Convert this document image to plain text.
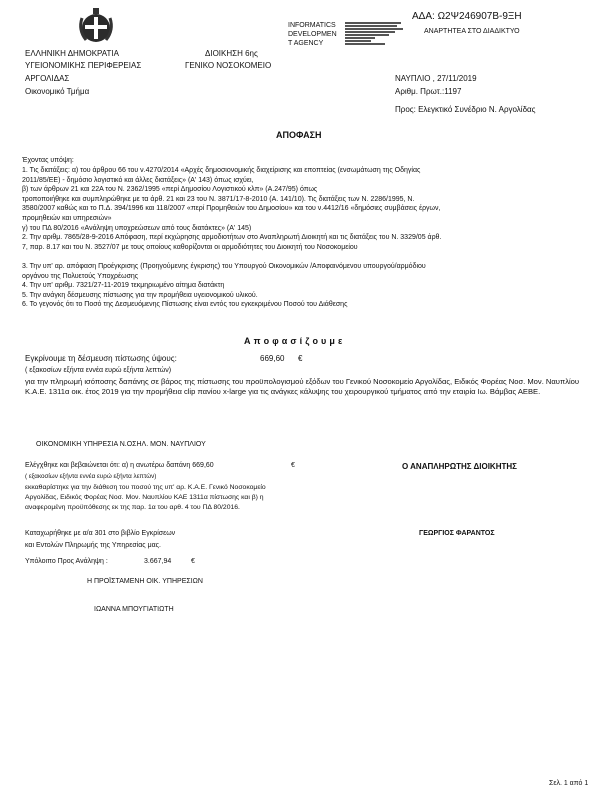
ΑΔΑ: Ω2Ψ246907Β-9ΞΗ
ΑΝΑΡΤΗΤΕΑ ΣΤΟ ΔΙΑΔΙΚΤΥΟ
INFORMATICS
DEVELOPMEN
T AGENCY
ΕΛΛΗΝΙΚΗ ΔΗΜΟΚΡΑΤΙΑ	ΔΙΟΙΚΗΣΗ 6ης
ΥΓΕΙΟΝΟΜΙΚΗΣ ΠΕΡΙΦΕΡΕΙΑΣ	ΓΕΝΙΚΟ ΝΟΣΟΚΟΜΕΙΟ
ΑΡΓΟΛΙΔΑΣ	ΝΑΥΠΛΙΟ , 27/11/2019
Οικονομικό Τμήμα	Αριθμ. Πρωτ.:1197
Προς: Ελεγκτικό Συνέδριο Ν. Αργολίδας
ΑΠΟΦΑΣΗ
Έχοντας υπόψη:
1. Τις διατάξεις: α) του άρθρου 66 του ν.4270/2014 «Αρχές δημοσιονομικής διαχείρισης και εποπτείας (ενσωμάτωση της Οδηγίας
2011/85/ΕΕ) - δημόσιο λογιστικό και άλλες διατάξεις» (Α' 143) όπως ισχύει,
β) των άρθρων 21 και 22Α του Ν. 2362/1995 «περί Δημοσίου Λογιστικού κλπ» (Α.247/95) όπως
τροποποιήθηκε και συμπληρώθηκε με τα άρθ. 21 και 23 του Ν. 3871/17-8-2010 (Α. 141/10). Τις διατάξεις των Ν. 2286/1995, Ν.
3580/2007 καθώς και το Π.Δ. 394/1996 και 118/2007 «περί Προμηθειών του Δημοσίου» και του ν.4412/16 «δημόσιες συμβάσεις έργων,
προμηθειών και υπηρεσιών»
γ) του ΠΔ 80/2016 «Ανάληψη υποχρεώσεων από τους διατάκτες» (Α' 145)
2. Την αριθμ. 7865/28-9-2016 Απόφαση, περί εκχώρησης αρμοδιοτήτων στο Αναπληρωτή Διοικητή και τις διατάξεις του Ν. 3329/05 άρθ.
7, παρ. 8.17 και του Ν. 3527/07 με τους οποίους καθορίζονται οι αρμοδιότητες του Διοικητή του Νοσοκομείου
3. Την υπ' αρ. απόφαση Προέγκρισης (Προηγούμενης έγκρισης) του Υπουργού Οικονομικών /Αποφαινόμενου υπουργού/αρμόδιου
οργάνου της Πολυετούς Υποχρέωσης
4. Την υπ' αριθμ. 7321/27-11-2019 τεκμηριωμένο αίτημα διατάκτη
5. Την ανάγκη δέσμευσης πίστωσης για την προμήθεια υγειονομικού υλικού.
6. Το γεγονός ότι το Ποσό της Δεσμευόμενης Πίστωσης είναι εντός του εγκεκριμένου Ποσού του Διάθεσης
Α π ο φ α σ ί ζ ο υ μ ε
Εγκρίνουμε τη δέσμευση πίστωσης ύψους:	669,60 €
( εξακοσίων εξήντα εννέα ευρώ εξήντα λεπτών)
για την πληρωμή ισόποσης δαπάνης σε βάρος της πίστωσης του προϋπολογισμού εξόδων του Γενικού Νοσοκομείο Αργολίδας, Ειδικός Φορέας Νοσ. Μον. Ναυπλίου Κ.Α.Ε. 1311α οικ. έτος 2019 για την προμήθεια clip πανίου x-large για τις ανάγκες κάλυψης του χειρουργικού τμήματος από την εταιρία Ιω. Βάμβας ΑΕΒΕ.
ΟΙΚΟΝΟΜΙΚΗ ΥΠΗΡΕΣΙΑ Ν.ΟΣΗΛ. ΜΟΝ. ΝΑΥΠΛΙΟΥ
Ελέγχθηκε και βεβαιώνεται ότι: α) η ανωτέρω δαπάνη 669,60	€
( εξακοσίων εξήντα εννέα ευρώ εξήντα λεπτών)
εκκαθαρίστηκε για την διάθεση του ποσού της υπ' αρ. Κ.Α.Ε. Γενικό Νοσοκομείο Αργολίδας, Ειδικός Φορέας Νοσ. Μον. Ναυπλίου ΚΑΕ 1311α πίστωσης και β) η αναφερομένη προϋπόθεσης εκ της παρ. 1α του αρθ. 4 του ΠΔ 80/2016.
Καταχωρήθηκε με α/α 301 στο βιβλίο Εγκρίσεων
και Εντολών Πληρωμής της Υπηρεσίας μας.
Υπόλοιπο Προς Ανάληψη :	3.667,94	€
Η ΠΡΟΪΣΤΑΜΕΝΗ ΟΙΚ. ΥΠΗΡΕΣΙΩΝ
ΙΩΑΝΝΑ ΜΠΟΥΓΙΑΤΙΩΤΗ
Ο ΑΝΑΠΛΗΡΩΤΗΣ ΔΙΟΙΚΗΤΗΣ
ΓΕΩΡΓΙΟΣ ΦΑΡΑΝΤΟΣ
Σελ. 1 από 1
